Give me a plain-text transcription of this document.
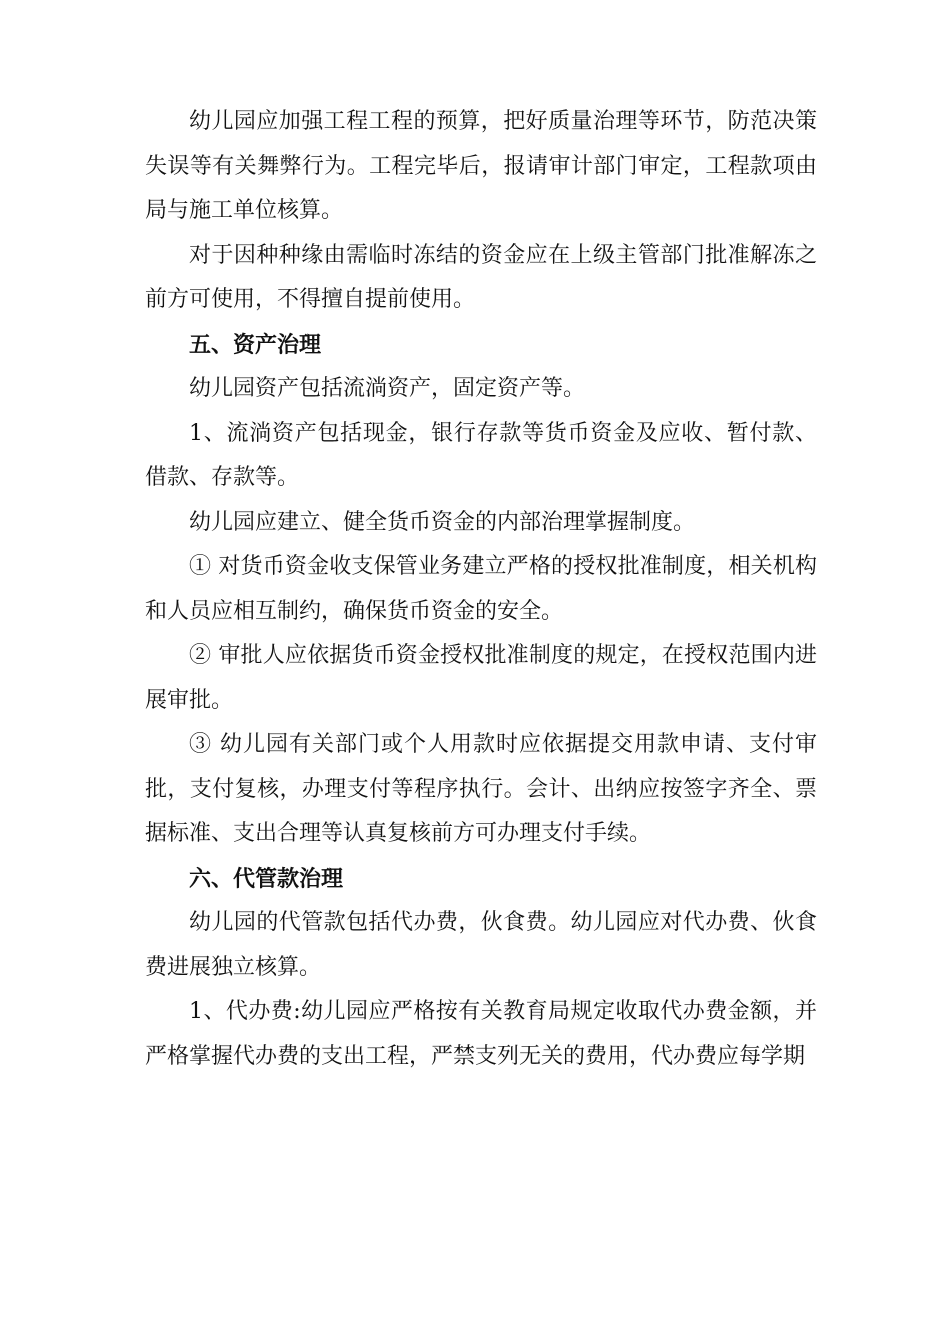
幼儿园应加强工程工程的预算，把好质量治理等环节，防范决策失误等有关舞弊行为。工程完毕后，报请审计部门审定，工程款项由局与施工单位核算。

对于因种种缘由需临时冻结的资金应在上级主管部门批准解冻之前方可使用，不得擅自提前使用。

五、资产治理

幼儿园资产包括流淌资产，固定资产等。

1、流淌资产包括现金，银行存款等货币资金及应收、暂付款、借款、存款等。

幼儿园应建立、健全货币资金的内部治理掌握制度。

① 对货币资金收支保管业务建立严格的授权批准制度，相关机构和人员应相互制约，确保货币资金的安全。

② 审批人应依据货币资金授权批准制度的规定，在授权范围内进展审批。

③ 幼儿园有关部门或个人用款时应依据提交用款申请、支付审批，支付复核，办理支付等程序执行。会计、出纳应按签字齐全、票据标准、支出合理等认真复核前方可办理支付手续。

六、代管款治理

幼儿园的代管款包括代办费，伙食费。幼儿园应对代办费、伙食费进展独立核算。

1、代办费:幼儿园应严格按有关教育局规定收取代办费金额，并严格掌握代办费的支出工程，严禁支列无关的费用，代办费应每学期
